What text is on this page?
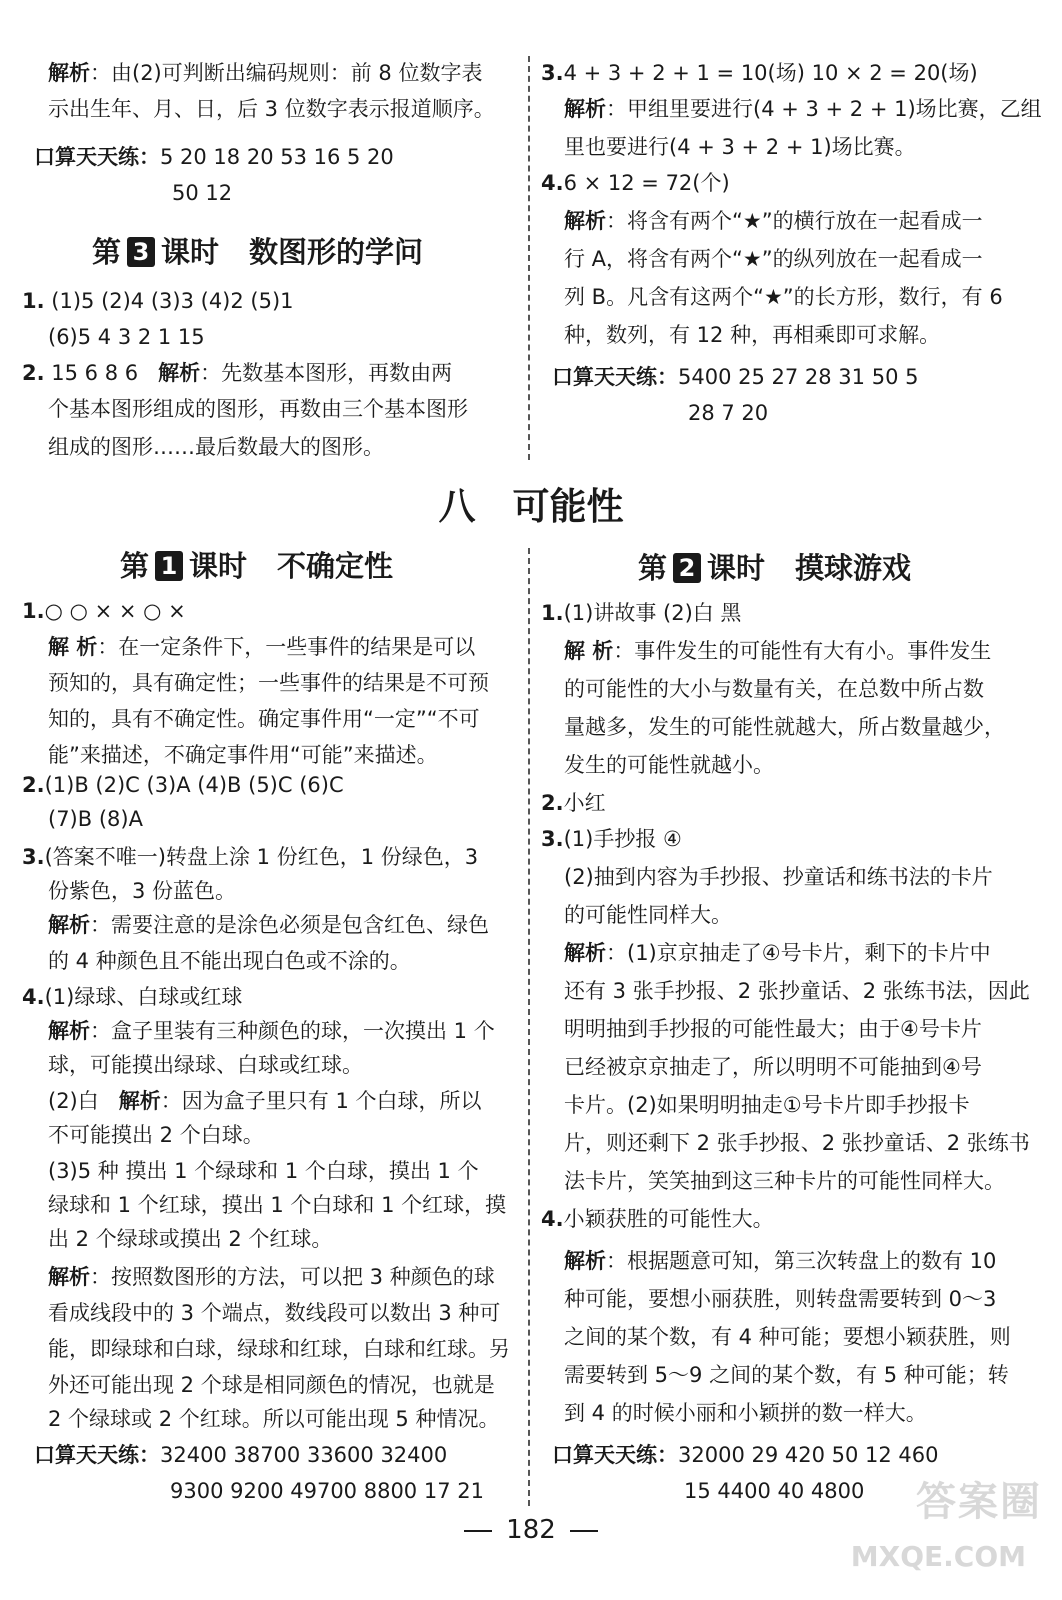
解析：由(2)可判断出编码规则：前 8 位数字表
示出生年、月、日，后 3 位数字表示报道顺序。
口算天天练：5 20 18 20 53 16 5 20
50 12
第 3 课时 数图形的学问
1. (1)5 (2)4 (3)3 (4)2 (5)1
(6)5 4 3 2 1 15
2. 15 6 8 6 解析：先数基本图形，再数由两
个基本图形组成的图形，再数由三个基本图形
组成的图形……最后数最大的图形。
3.4 + 3 + 2 + 1 = 10(场) 10 × 2 = 20(场)
解析：甲组里要进行(4 + 3 + 2 + 1)场比赛，乙组
里也要进行(4 + 3 + 2 + 1)场比赛。
4.6 × 12 = 72(个)
解析：将含有两个“★”的横行放在一起看成一
行 A，将含有两个“★”的纵列放在一起看成一
列 B。凡含有这两个“★”的长方形，数行，有 6
种，数列，有 12 种，再相乘即可求解。
口算天天练：5400 25 27 28 31 50 5
28 7 20
八　可能性
第 1 课时 不确定性
1.○ ○ × × ○ ×
解 析：在一定条件下，一些事件的结果是可以
预知的，具有确定性；一些事件的结果是不可预
知的，具有不确定性。确定事件用“一定”“不可
能”来描述，不确定事件用“可能”来描述。
2.(1)B (2)C (3)A (4)B (5)C (6)C
(7)B (8)A
3.(答案不唯一)转盘上涂 1 份红色，1 份绿色，3
份紫色，3 份蓝色。
解析：需要注意的是涂色必须是包含红色、绿色
的 4 种颜色且不能出现白色或不涂的。
4.(1)绿球、白球或红球
解析：盒子里装有三种颜色的球，一次摸出 1 个
球，可能摸出绿球、白球或红球。
(2)白 解析：因为盒子里只有 1 个白球，所以
不可能摸出 2 个白球。
(3)5 种 摸出 1 个绿球和 1 个白球，摸出 1 个
绿球和 1 个红球，摸出 1 个白球和 1 个红球，摸
出 2 个绿球或摸出 2 个红球。
解析：按照数图形的方法，可以把 3 种颜色的球
看成线段中的 3 个端点，数线段可以数出 3 种可
能，即绿球和白球，绿球和红球，白球和红球。另
外还可能出现 2 个球是相同颜色的情况，也就是
2 个绿球或 2 个红球。所以可能出现 5 种情况。
口算天天练：32400 38700 33600 32400
9300 9200 49700 8800 17 21
第 2 课时 摸球游戏
1.(1)讲故事 (2)白 黑
解 析：事件发生的可能性有大有小。事件发生
的可能性的大小与数量有关，在总数中所占数
量越多，发生的可能性就越大，所占数量越少，
发生的可能性就越小。
2.小红
3.(1)手抄报 ④
(2)抽到内容为手抄报、抄童话和练书法的卡片
的可能性同样大。
解析：(1)京京抽走了④号卡片，剩下的卡片中
还有 3 张手抄报、2 张抄童话、2 张练书法，因此
明明抽到手抄报的可能性最大；由于④号卡片
已经被京京抽走了，所以明明不可能抽到④号
卡片。(2)如果明明抽走①号卡片即手抄报卡
片，则还剩下 2 张手抄报、2 张抄童话、2 张练书
法卡片，笑笑抽到这三种卡片的可能性同样大。
4.小颖获胜的可能性大。
解析：根据题意可知，第三次转盘上的数有 10
种可能，要想小丽获胜，则转盘需要转到 0～3
之间的某个数，有 4 种可能；要想小颖获胜，则
需要转到 5～9 之间的某个数，有 5 种可能；转
到 4 的时候小丽和小颖拼的数一样大。
口算天天练：32000 29 420 50 12 460
15 4400 40 4800
182
答案圈
MXQE.COM
